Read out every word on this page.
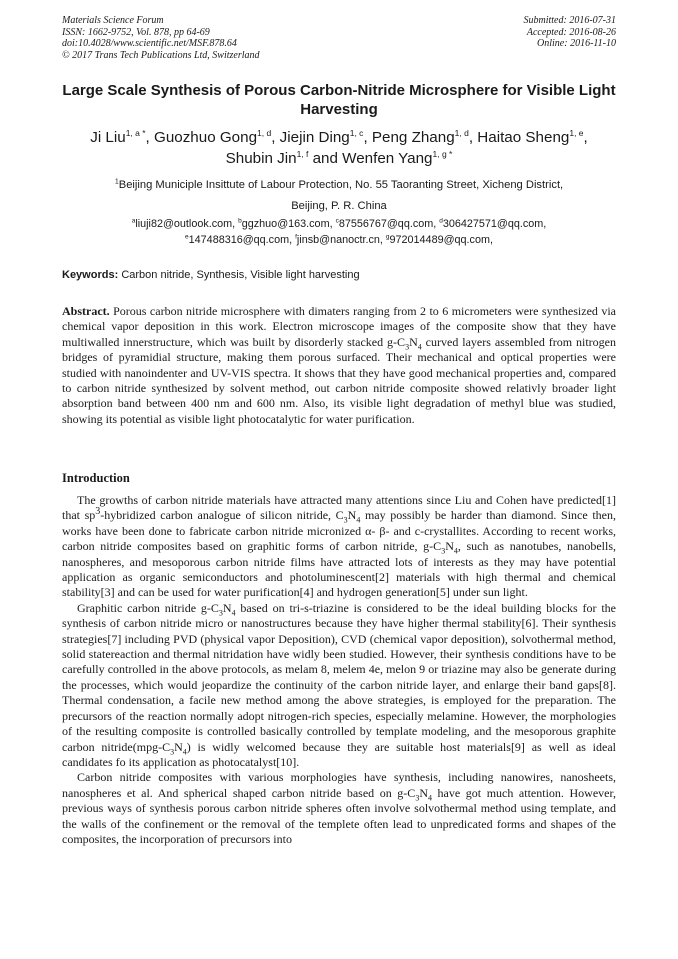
Materials Science Forum
ISSN: 1662-9752, Vol. 878, pp 64-69
doi:10.4028/www.scientific.net/MSF.878.64
© 2017 Trans Tech Publications Ltd, Switzerland
Submitted: 2016-07-31
Accepted: 2016-08-26
Online: 2016-11-10
Large Scale Synthesis of Porous Carbon-Nitride Microsphere for Visible Light Harvesting
Ji Liu$^{1, a *}$, Guozhuo Gong$^{1, d}$, Jiejin Ding$^{1, c}$, Peng Zhang$^{1, d}$, Haitao Sheng$^{1, e}$,
Shubin Jin$^{1, f}$ and Wenfen Yang$^{1, g *}$
$^1$Beijing Municiple Insittute of Labour Protection, No. 55 Taoranting Street, Xicheng District,
Beijing, P. R. China
$^a$liuji82@outlook.com, $^b$ggzhuo@163.com, $^c$87556767@qq.com, $^d$306427571@qq.com,
$^e$147488316@qq.com, $^f$jinsb@nanoctr.cn, $^g$972014489@qq.com,
Keywords: Carbon nitride, Synthesis, Visible light harvesting
Abstract. Porous carbon nitride microsphere with dimaters ranging from 2 to 6 micrometers were synthesized via chemical vapor deposition in this work. Electron microscope images of the composite show that they have multiwalled innerstructure, which was built by disorderly stacked $g-C_3N_4$ curved layers assembled from nitrogen bridges of pyramidial structure, making them porous surfaced. Their mechanical and optical properties were studied with nanoindenter and UV-VIS spectra. It shows that they have good mechanical properties and, compared to carbon nitride synthesized by solvent method, out carbon nitride composite showed relativly broader light absorption band between 400 nm and 600 nm. Also, its visible light degradation of methyl blue was studied, showing its potential as visible light photocatalytic for water purification.
Introduction

The growths of carbon nitride materials have attracted many attentions since Liu and Cohen have predicted[1] that $sp^3$-hybridized carbon analogue of silicon nitride, $C_3N_4$ may possibly be harder than diamond. Since then, works have been done to fabricate carbon nitride micronized α- β- and c-crystallites. According to recent works, carbon nitride composites based on graphitic forms of carbon nitride, $g-C_3N_4$, such as nanotubes, nanobells, nanospheres, and mesoporous carbon nitride films have attracted lots of interests as they may have potential application as organic semiconductors and photoluminescent[2] materials with high thermal and chemical stability[3] and can be used for water purification[4] and hydrogen generation[5] under sun light.

Graphitic carbon nitride $g-C_3N_4$ based on tri-s-triazine is considered to be the ideal building blocks for the synthesis of carbon nitride micro or nanostructures because they have higher thermal stability[6]. Their synthesis strategies[7] including PVD (physical vapor Deposition), CVD (chemical vapor deposition), solvothermal method, solid statereaction and thermal nitridation have widly been studied. However, their synthesis conditions have to be carefully controlled in the above protocols, as melam 8, melem 4e, melon 9 or triazine may also be generate during the processes, which would jeopardize the continuity of the carbon nitride layer, and enlarge their band gaps[8]. Thermal condensation, a facile new method among the above strategies, is employed for the preparation. The precursors of the reaction normally adopt nitrogen-rich species, especially melamine. However, the morphologies of the resulting composite is controlled basically controlled by template modeling, and the mesoporous graphite carbon $nitride(mpg-C_3N_4)$ is widly welcomed because they are suitable host materials[9] as well as ideal candidates fo its application as photocatalyst[10].

Carbon nitride composites with various morphologies have synthesis, including nanowires, nanosheets, nanospheres et al. And spherical shaped carbon nitride based on $g-C_3N_4$ have got much attention. However, previous ways of synthesis porous carbon nitride spheres often involve solvothermal method using template, and the walls of the confinement or the removal of the templete often lead to unpredicated forms and shapes of the composites, the incorporation of precursors into
